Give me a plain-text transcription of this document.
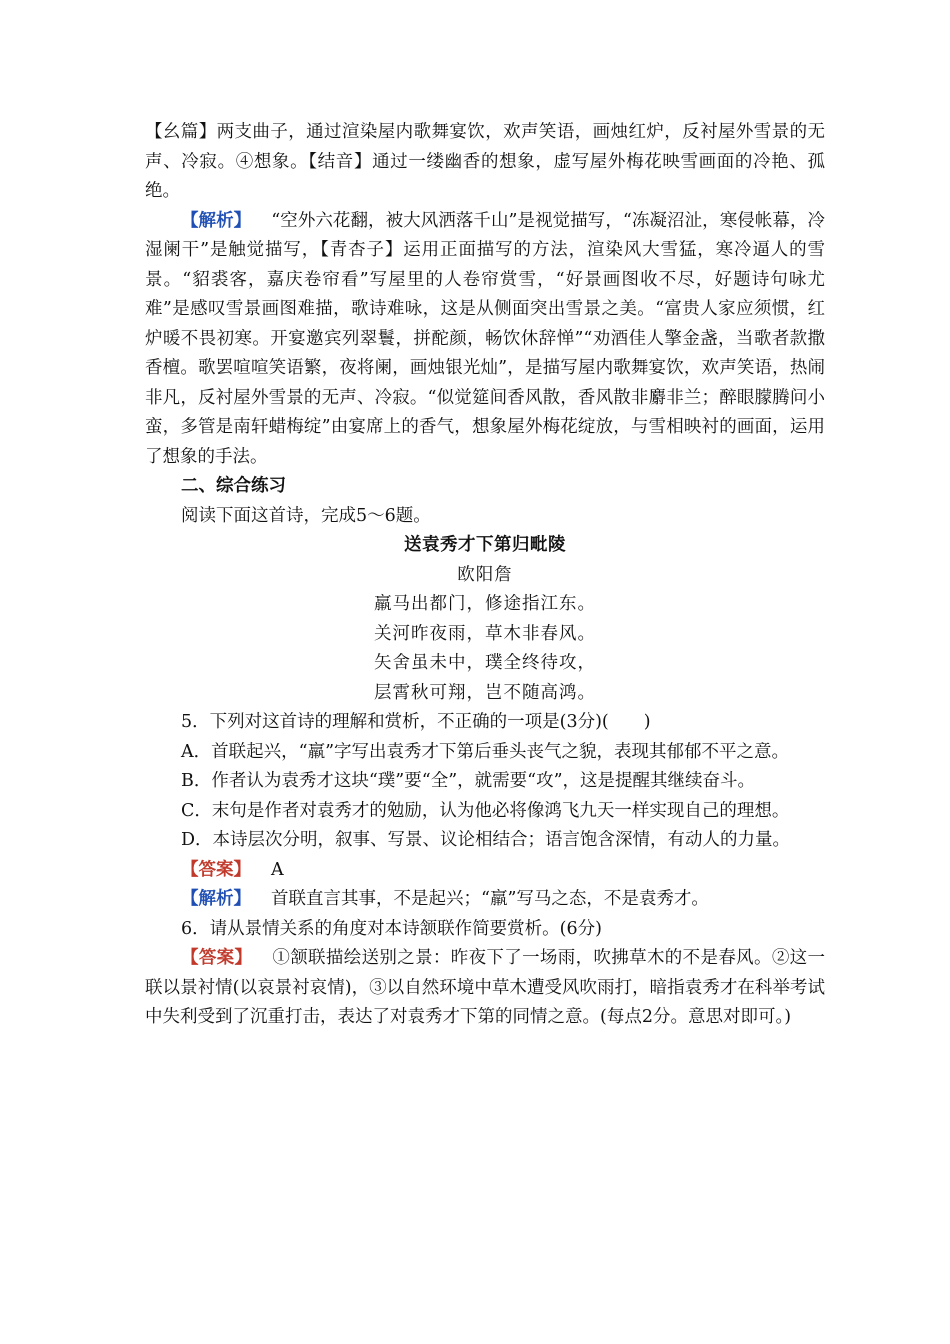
【幺篇】两支曲子，通过渲染屋内歌舞宴饮，欢声笑语，画烛红炉，反衬屋外雪景的无声、冷寂。④想象。【结音】通过一缕幽香的想象，虚写屋外梅花映雪画面的冷艳、孤绝。

【解析】 “空外六花翻，被大风洒落千山”是视觉描写，“冻凝沼沚，寒侵帐幕，冷湿阑干”是触觉描写，【青杏子】运用正面描写的方法，渲染风大雪猛，寒冷逼人的雪景。“貂裘客，嘉庆卷帘看”写屋里的人卷帘赏雪，“好景画图收不尽，好题诗句咏尤难”是感叹雪景画图难描，歌诗难咏，这是从侧面突出雪景之美。“富贵人家应须惯，红炉暖不畏初寒。开宴邀宾列翠鬟，拼酡颜，畅饮休辞惮”“劝酒佳人擎金盏，当歌者款撒香檀。歌罢喧喧笑语繁，夜将阑，画烛银光灿”，是描写屋内歌舞宴饮，欢声笑语，热闹非凡，反衬屋外雪景的无声、冷寂。“似觉筵间香风散，香风散非麝非兰；醉眼朦腾问小蛮，多管是南轩蜡梅绽”由宴席上的香气，想象屋外梅花绽放，与雪相映衬的画面，运用了想象的手法。

二、综合练习

阅读下面这首诗，完成5～6题。

送袁秀才下第归毗陵

欧阳詹

羸马出都门，修途指江东。

关河昨夜雨，草木非春风。

矢舍虽未中，璞全终待攻，

层霄秋可翔，岂不随高鸿。

5．下列对这首诗的理解和赏析，不正确的一项是(3分)(　　)

A．首联起兴，“羸”字写出袁秀才下第后垂头丧气之貌，表现其郁郁不平之意。

B．作者认为袁秀才这块“璞”要“全”，就需要“攻”，这是提醒其继续奋斗。

C．末句是作者对袁秀才的勉励，认为他必将像鸿飞九天一样实现自己的理想。

D．本诗层次分明，叙事、写景、议论相结合；语言饱含深情，有动人的力量。

【答案】 A

【解析】 首联直言其事，不是起兴；“羸”写马之态，不是袁秀才。

6．请从景情关系的角度对本诗颔联作简要赏析。(6分)

【答案】 ①颔联描绘送别之景：昨夜下了一场雨，吹拂草木的不是春风。②这一联以景衬情(以哀景衬哀情)，③以自然环境中草木遭受风吹雨打，暗指袁秀才在科举考试中失利受到了沉重打击，表达了对袁秀才下第的同情之意。(每点2分。意思对即可。)
